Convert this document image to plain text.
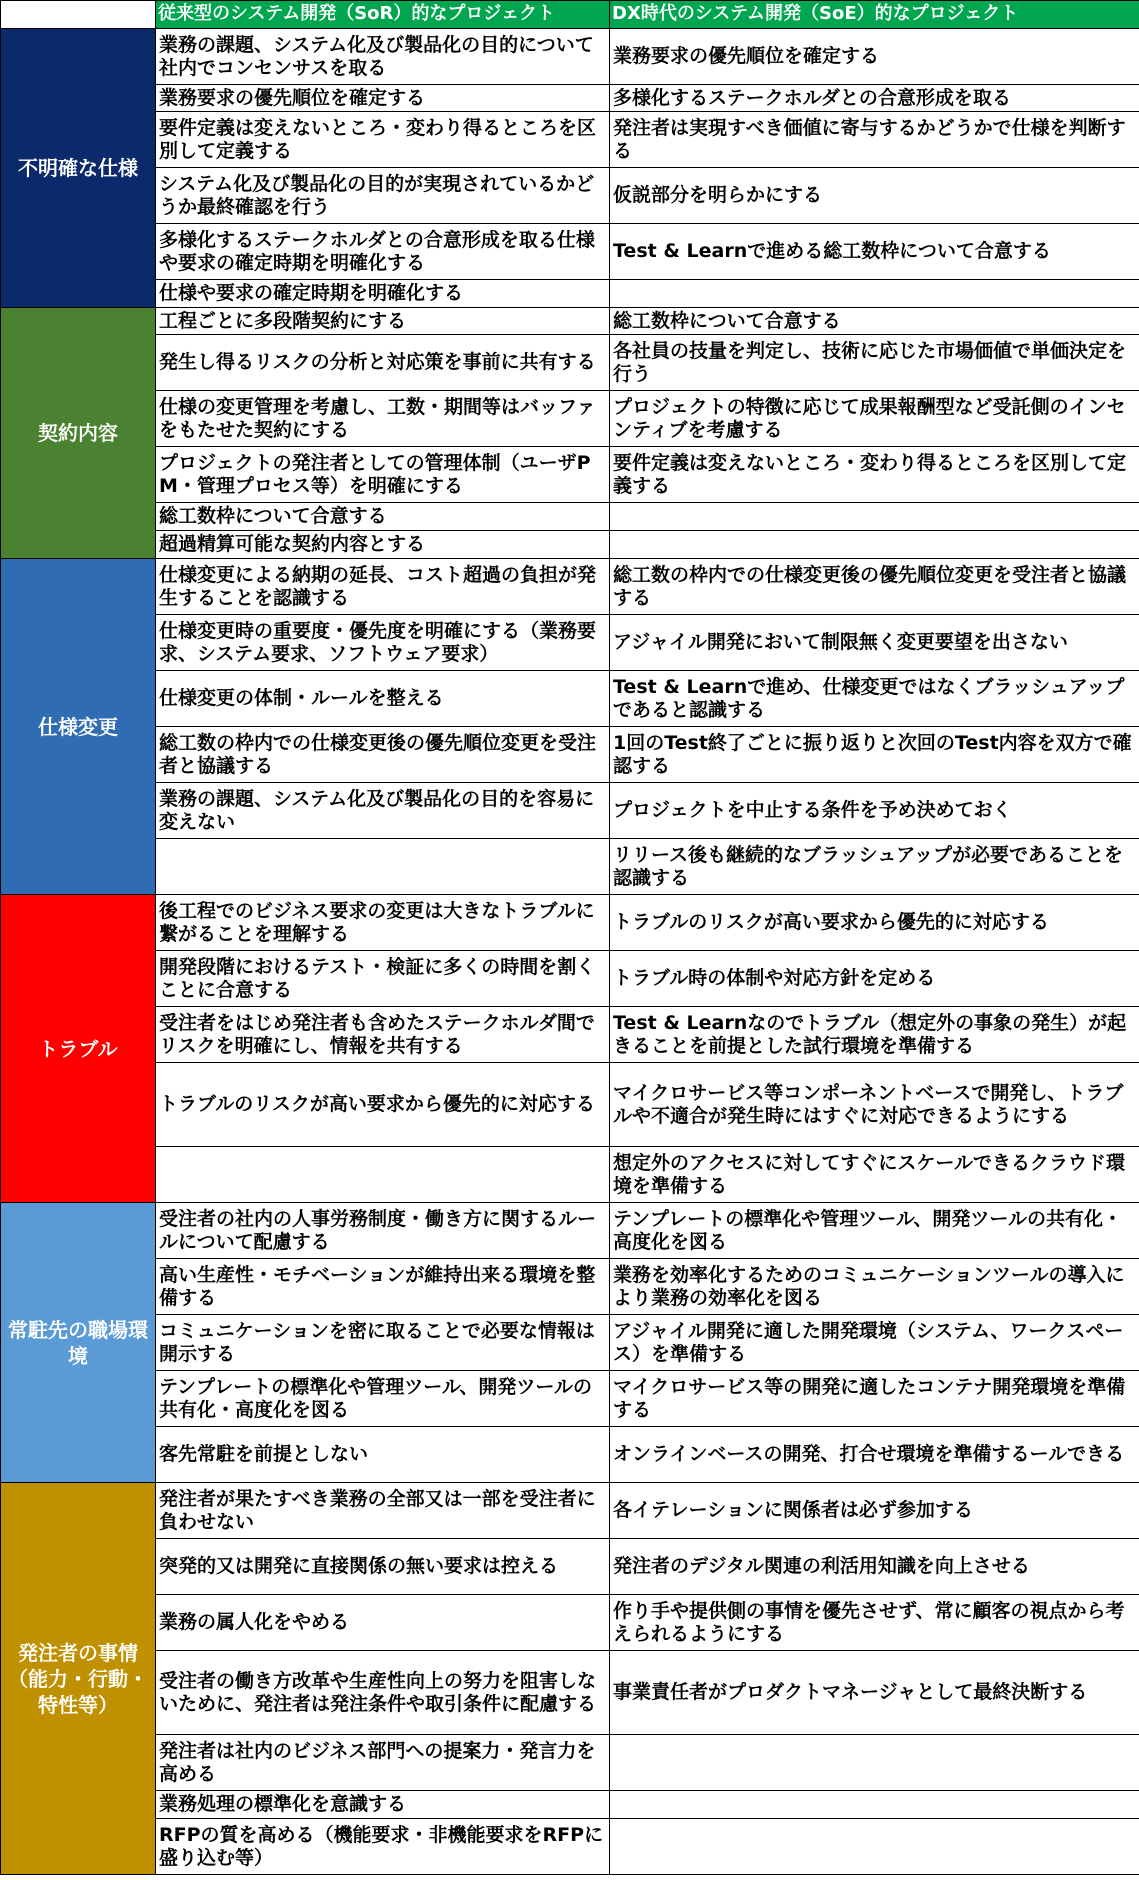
	従来型のシステム開発（SoR）的なプロジェクト	DX時代のシステム開発（SoE）的なプロジェクト
不明確な仕様	業務の課題、システム化及び製品化の目的について社内でコンセンサスを取る	業務要求の優先順位を確定する
	業務要求の優先順位を確定する	多様化するステークホルダとの合意形成を取る
	要件定義は変えないところ・変わり得るところを区別して定義する	発注者は実現すべき価値に寄与するかどうかで仕様を判断する
	システム化及び製品化の目的が実現されているかどうか最終確認を行う	仮説部分を明らかにする
	多様化するステークホルダとの合意形成を取る仕様や要求の確定時期を明確化する	Test & Learnで進める総工数枠について合意する
	仕様や要求の確定時期を明確化する	
契約内容	工程ごとに多段階契約にする	総工数枠について合意する
	発生し得るリスクの分析と対応策を事前に共有する	各社員の技量を判定し、技術に応じた市場価値で単価決定を行う
	仕様の変更管理を考慮し、工数・期間等はバッファをもたせた契約にする	プロジェクトの特徴に応じて成果報酬型など受託側のインセンティブを考慮する
	プロジェクトの発注者としての管理体制（ユーザPM・管理プロセス等）を明確にする	要件定義は変えないところ・変わり得るところを区別して定義する
	総工数枠について合意する	
	超過精算可能な契約内容とする	
仕様変更	仕様変更による納期の延長、コスト超過の負担が発生することを認識する	総工数の枠内での仕様変更後の優先順位変更を受注者と協議する
	仕様変更時の重要度・優先度を明確にする（業務要求、システム要求、ソフトウェア要求）	アジャイル開発において制限無く変更要望を出さない
	仕様変更の体制・ルールを整える	Test & Learnで進め、仕様変更ではなくブラッシュアップであると認識する
	総工数の枠内での仕様変更後の優先順位変更を受注者と協議する	1回のTest終了ごとに振り返りと次回のTest内容を双方で確認する
	業務の課題、システム化及び製品化の目的を容易に変えない	プロジェクトを中止する条件を予め決めておく
		リリース後も継続的なブラッシュアップが必要であることを認識する
トラブル	後工程でのビジネス要求の変更は大きなトラブルに繋がることを理解する	トラブルのリスクが高い要求から優先的に対応する
	開発段階におけるテスト・検証に多くの時間を割くことに合意する	トラブル時の体制や対応方針を定める
	受注者をはじめ発注者も含めたステークホルダ間でリスクを明確にし、情報を共有する	Test & Learnなのでトラブル（想定外の事象の発生）が起きることを前提とした試行環境を準備する
	トラブルのリスクが高い要求から優先的に対応する	マイクロサービス等コンポーネントベースで開発し、トラブルや不適合が発生時にはすぐに対応できるようにする
		想定外のアクセスに対してすぐにスケールできるクラウド環境を準備する
常駐先の職場環境	受注者の社内の人事労務制度・働き方に関するルールについて配慮する	テンプレートの標準化や管理ツール、開発ツールの共有化・高度化を図る
	高い生産性・モチベーションが維持出来る環境を整備する	業務を効率化するためのコミュニケーションツールの導入により業務の効率化を図る
	コミュニケーションを密に取ることで必要な情報は開示する	アジャイル開発に適した開発環境（システム、ワークスペース）を準備する
	テンプレートの標準化や管理ツール、開発ツールの共有化・高度化を図る	マイクロサービス等の開発に適したコンテナ開発環境を準備する
	客先常駐を前提としない	オンラインベースの開発、打合せ環境を準備するールできる
発注者の事情（能力・行動・特性等）	発注者が果たすべき業務の全部又は一部を受注者に負わせない	各イテレーションに関係者は必ず参加する
	突発的又は開発に直接関係の無い要求は控える	発注者のデジタル関連の利活用知識を向上させる
	業務の属人化をやめる	作り手や提供側の事情を優先させず、常に顧客の視点から考えられるようにする
	受注者の働き方改革や生産性向上の努力を阻害しないために、発注者は発注条件や取引条件に配慮する	事業責任者がプロダクトマネージャとして最終決断する
	発注者は社内のビジネス部門への提案力・発言力を高める	
	業務処理の標準化を意識する	
	RFPの質を高める（機能要求・非機能要求をRFPに盛り込む等）	
